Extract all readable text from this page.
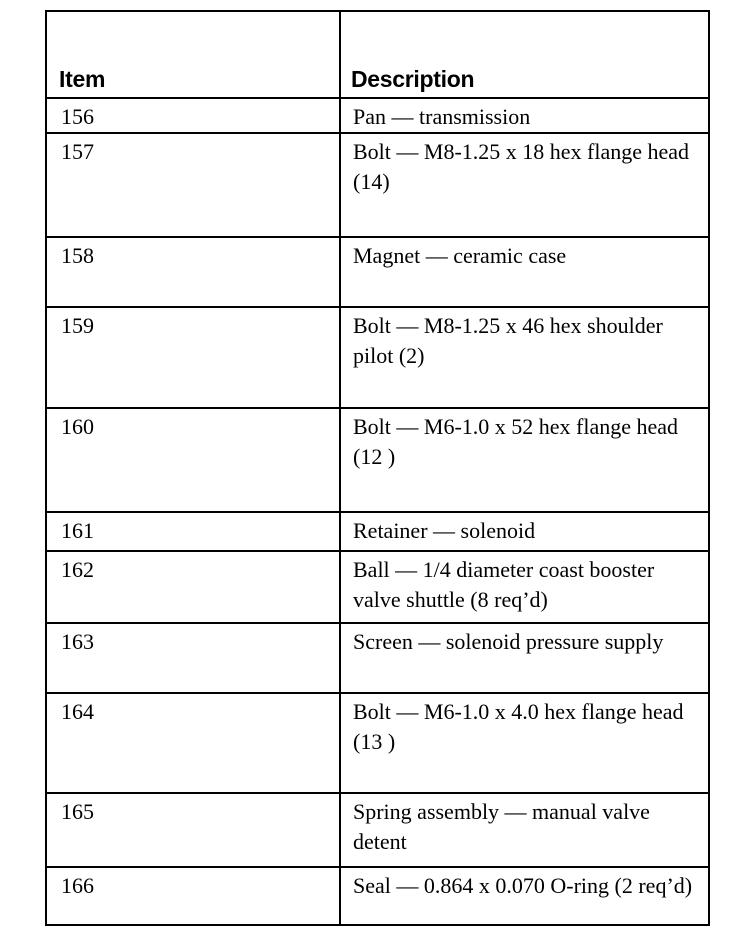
Item	Description
156	Pan — transmission
157	Bolt — M8-1.25 x 18 hex flange head (14)
158	Magnet — ceramic case
159	Bolt — M8-1.25 x 46 hex shoulder pilot (2)
160	Bolt — M6-1.0 x 52 hex flange head (12 )
161	Retainer — solenoid
162	Ball — 1/4 diameter coast booster valve shuttle (8 req’d)
163	Screen — solenoid pressure supply
164	Bolt — M6-1.0 x 4.0 hex flange head (13 )
165	Spring assembly — manual valve detent
166	Seal — 0.864 x 0.070 O-ring (2 req’d)
